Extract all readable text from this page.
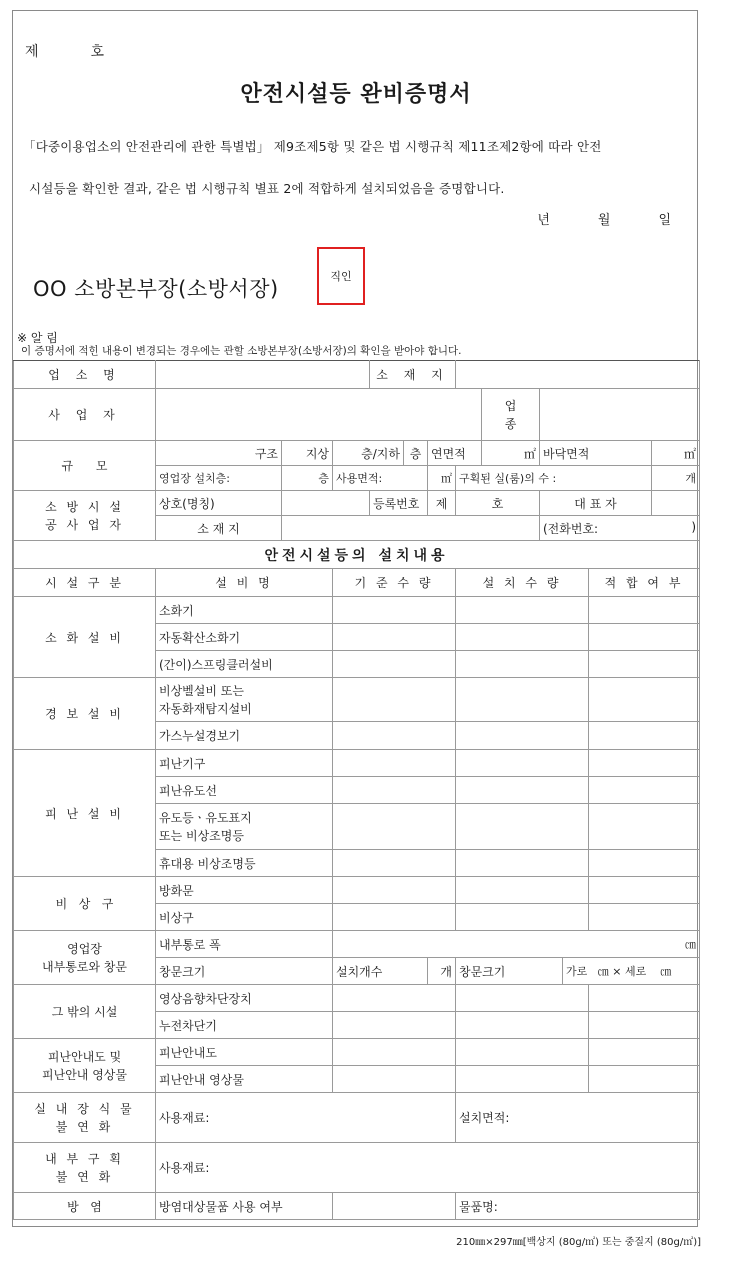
제	호
안전시설등 완비증명서
「다중이용업소의 안전관리에 관한 특별법」 제9조제5항 및 같은 법 시행규칙 제11조제2항에 따라 안전
시설등을 확인한 결과, 같은 법 시행규칙 별표 2에 적합하게 설치되었음을 증명합니다.
년	월	일
OO 소방본부장(소방서장)
직인
※ 알 림
이 증명서에 적힌 내용이 변경되는 경우에는 관할 소방본부장(소방서장)의 확인을 받아야 합니다.
업 소 명				소 재 지								
사 업 자								업
종				
규      모	구조	지상	층/지하		층	연면적		㎡	바닥면적			㎡
	영업장 설치층:	층	사용면적:			㎡	구획된 실(룸)의 수 :					개
소 방 시 설
공 사 업 자	상호(명칭)			등록번호		제	호		대 표 자			
	소 재 지								(전화번호: )			

안전시설등의 설치내용												
시 설 구 분	설 비 명		기 준 수 량				설 치 수 량				적 합 여 부	
소 화 설 비	소화기											
	자동확산소화기											
	(간이)스프링클러설비											
경 보 설 비	비상벨설비 또는
자동화재탐지설비											
	가스누설경보기											
피 난 설 비	피난기구											
	피난유도선											
	유도등ㆍ유도표지
또는 비상조명등											
	휴대용 비상조명등											
비   상   구	방화문											
	비상구											
영업장
내부통로와 창문	내부통로 폭		㎝									
	창문크기		설치개수			개	창문크기			가로 ㎝ × 세로 ㎝		
그 밖의 시설	영상음향차단장치											
	누전차단기											
피난안내도 및
피난안내 영상물	피난안내도											
	피난안내 영상물											
실 내 장 식 물
불 연 화	사용재료:						설치면적:					
내 부 구 획
불 연 화	사용재료:											
방   염	방염대상물품 사용 여부						물품명:					
210㎜×297㎜[백상지 (80g/㎡) 또는 중질지 (80g/㎡)]
